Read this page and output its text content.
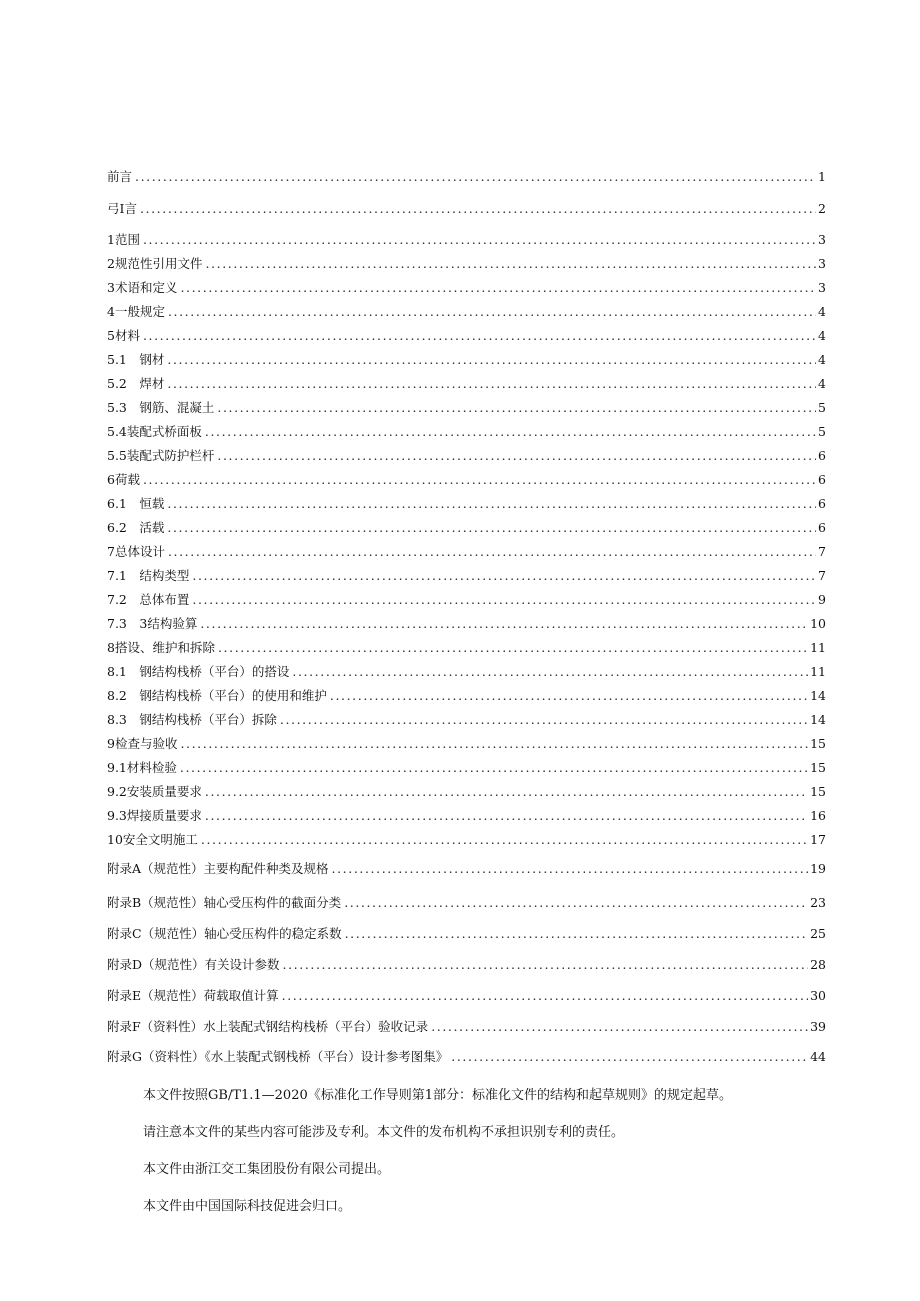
前言 .....	1
弓I言 .....	2
1范围 .....	3
2规范性引用文件 .....	3
3术语和定义 .....	3
4一般规定 .....	4
5材料 .....	4
5.1　钢材 .....	4
5.2　焊材 .....	4
5.3　钢筋、混凝土 .....	5
5.4装配式桥面板 .....	5
5.5装配式防护栏杆 .....	6
6荷载 .....	6
6.1　恒载 .....	6
6.2　活载 .....	6
7总体设计 .....	7
7.1　结构类型 .....	7
7.2　总体布置 .....	9
7.3　3结构验算 .....	10
8搭设、维护和拆除 .....	11
8.1　钢结构栈桥（平台）的搭设 .....	11
8.2　钢结构栈桥（平台）的使用和维护 .....	14
8.3　钢结构栈桥（平台）拆除 .....	14
9检查与验收 .....	15
9.1材料检验 .....	15
9.2安装质量要求 .....	15
9.3焊接质量要求 .....	16
10安全文明施工 .....	17
附录A（规范性）主要构配件种类及规格 .....	19
附录B（规范性）轴心受压构件的截面分类 .....	23
附录C（规范性）轴心受压构件的稳定系数 .....	25
附录D（规范性）有关设计参数 .....	28
附录E（规范性）荷载取值计算 .....	30
附录F（资料性）水上装配式钢结构栈桥（平台）验收记录 .....	39
附录G（资料性）《水上装配式钢栈桥（平台）设计参考图集》 .....	44

本文件按照GB/T1.1—2020《标准化工作导则第1部分：标准化文件的结构和起草规则》的规定起草。

请注意本文件的某些内容可能涉及专利。本文件的发布机构不承担识别专利的责任。

本文件由浙江交工集团股份有限公司提出。

本文件由中国国际科技促进会归口。
